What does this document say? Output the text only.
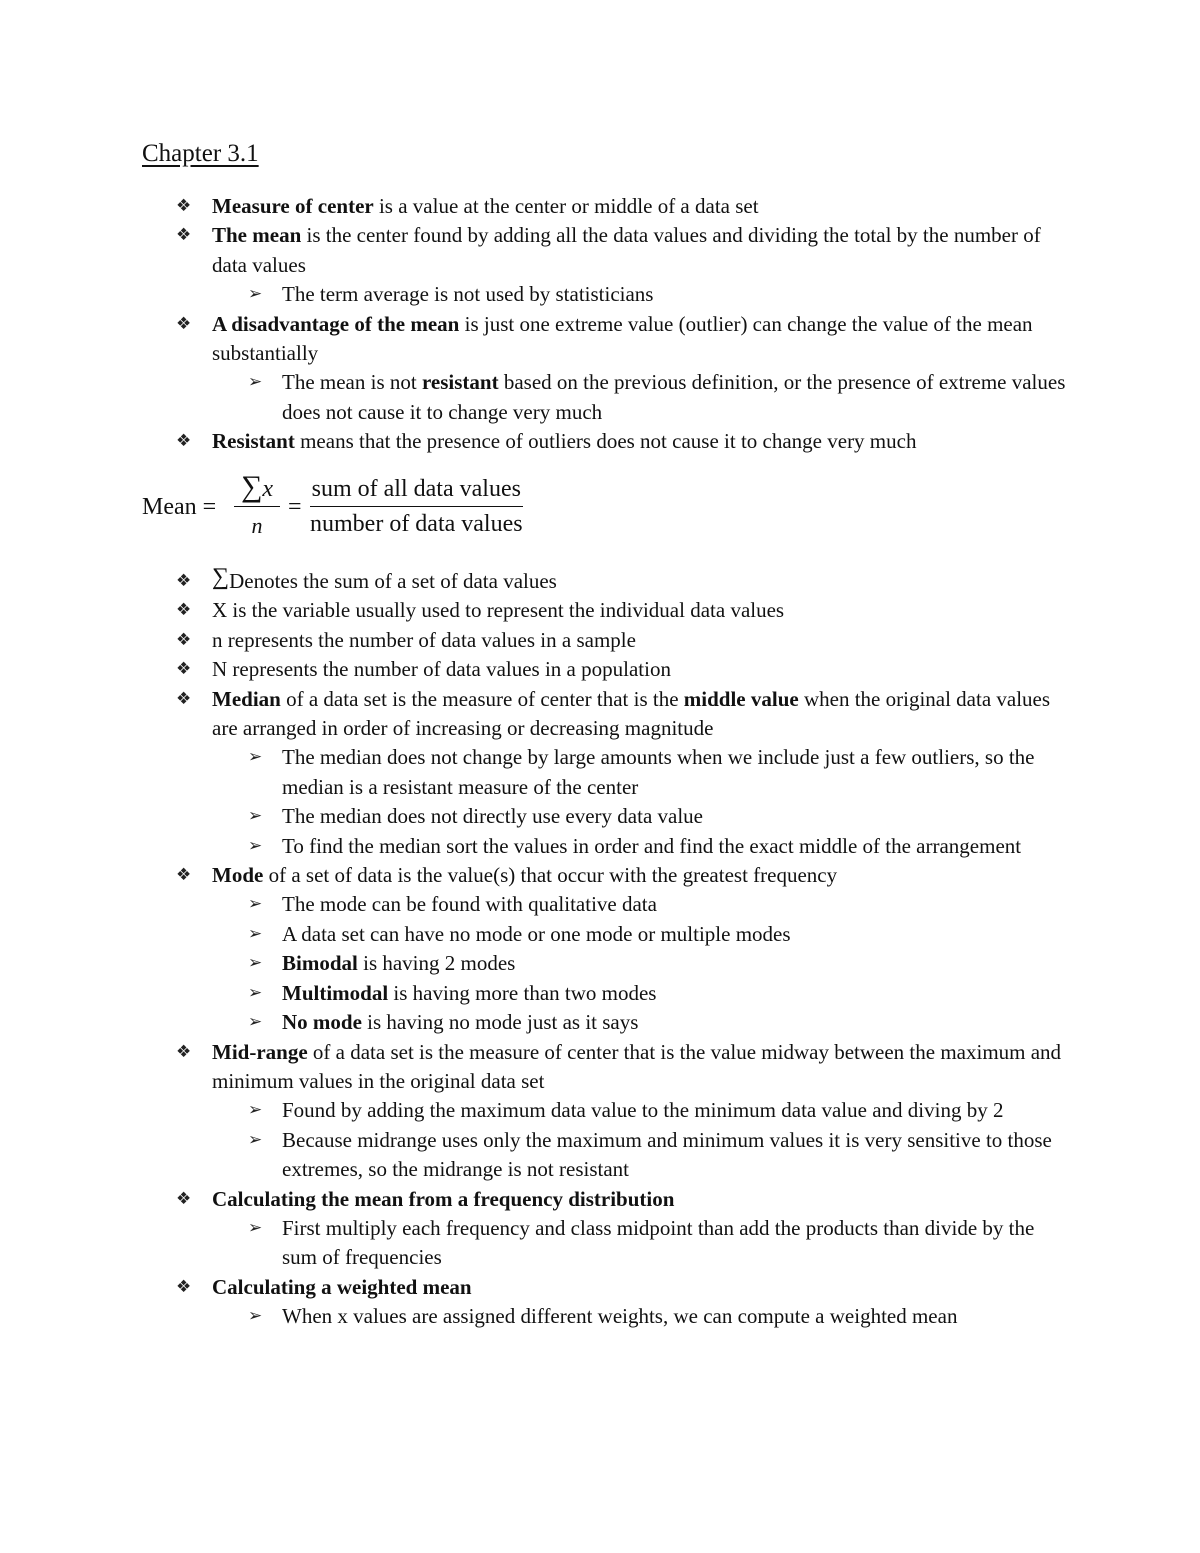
Chapter 3.1
❖ Measure of center is a value at the center or middle of a data set
❖ The mean is the center found by adding all the data values and dividing the total by the number of data values
➢ The term average is not used by statisticians
❖ A disadvantage of the mean is just one extreme value (outlier) can change the value of the mean substantially
➢ The mean is not resistant based on the previous definition, or the presence of extreme values does not cause it to change very much
❖ Resistant means that the presence of outliers does not cause it to change very much
Mean =
∑x
n
=
sum of all data values
number of data values
❖ ∑Denotes the sum of a set of data values
❖ X is the variable usually used to represent the individual data values
❖ n represents the number of data values in a sample
❖ N represents the number of data values in a population
❖ Median of a data set is the measure of center that is the middle value when the original data values are arranged in order of increasing or decreasing magnitude
➢ The median does not change by large amounts when we include just a few outliers, so the median is a resistant measure of the center
➢ The median does not directly use every data value
➢ To find the median sort the values in order and find the exact middle of the arrangement
❖ Mode of a set of data is the value(s) that occur with the greatest frequency
➢ The mode can be found with qualitative data
➢ A data set can have no mode or one mode or multiple modes
➢ Bimodal is having 2 modes
➢ Multimodal is having more than two modes
➢ No mode is having no mode just as it says
❖ Mid-range of a data set is the measure of center that is the value midway between the maximum and minimum values in the original data set
➢ Found by adding the maximum data value to the minimum data value and diving by 2
➢ Because midrange uses only the maximum and minimum values it is very sensitive to those extremes, so the midrange is not resistant
❖ Calculating the mean from a frequency distribution
➢ First multiply each frequency and class midpoint than add the products than divide by the sum of frequencies
❖ Calculating a weighted mean
➢ When x values are assigned different weights, we can compute a weighted mean
